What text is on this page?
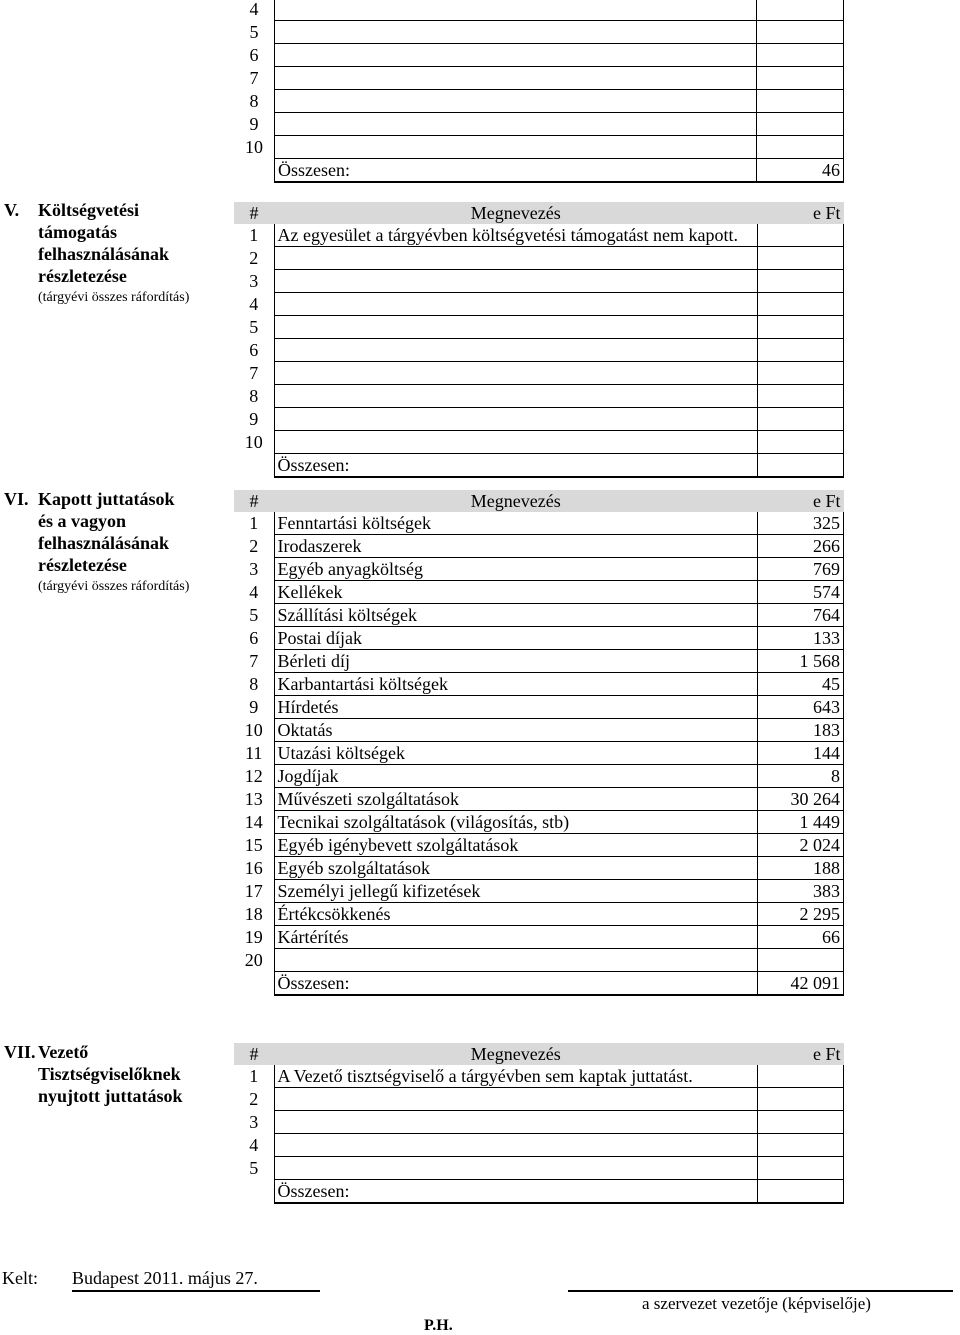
4		
5		
6		
7		
8		
9		
10		
	Összesen:	46
V. Költségvetési
támogatás
felhasználásának
részletezése
(tárgyévi összes ráfordítás)
#	Megnevezés	e Ft
1	Az egyesület a tárgyévben költségvetési támogatást nem kapott.	
2		
3		
4		
5		
6		
7		
8		
9		
10		
	Összesen:	
VI. Kapott juttatások
és a vagyon
felhasználásának
részletezése
(tárgyévi összes ráfordítás)
#	Megnevezés	e Ft
1	Fenntartási költségek	325
2	Irodaszerek	266
3	Egyéb anyagköltség	769
4	Kellékek	574
5	Szállítási költségek	764
6	Postai díjak	133
7	Bérleti díj	1 568
8	Karbantartási költségek	45
9	Hírdetés	643
10	Oktatás	183
11	Utazási költségek	144
12	Jogdíjak	8
13	Művészeti szolgáltatások	30 264
14	Tecnikai szolgáltatások (világosítás, stb)	1 449
15	Egyéb igénybevett szolgáltatások	2 024
16	Egyéb szolgáltatások	188
17	Személyi jellegű kifizetések	383
18	Értékcsökkenés	2 295
19	Kártérítés	66
20		
	Összesen:	42 091
VII. Vezető
Tisztségviselőknek
nyujtott juttatások
#	Megnevezés	e Ft
1	A Vezető tisztségviselő a tárgyévben sem kaptak juttatást.	
2		
3		
4		
5		
	Összesen:	
Kelt: Budapest 2011. május 27.
a szervezet vezetője (képviselője)
P.H.
